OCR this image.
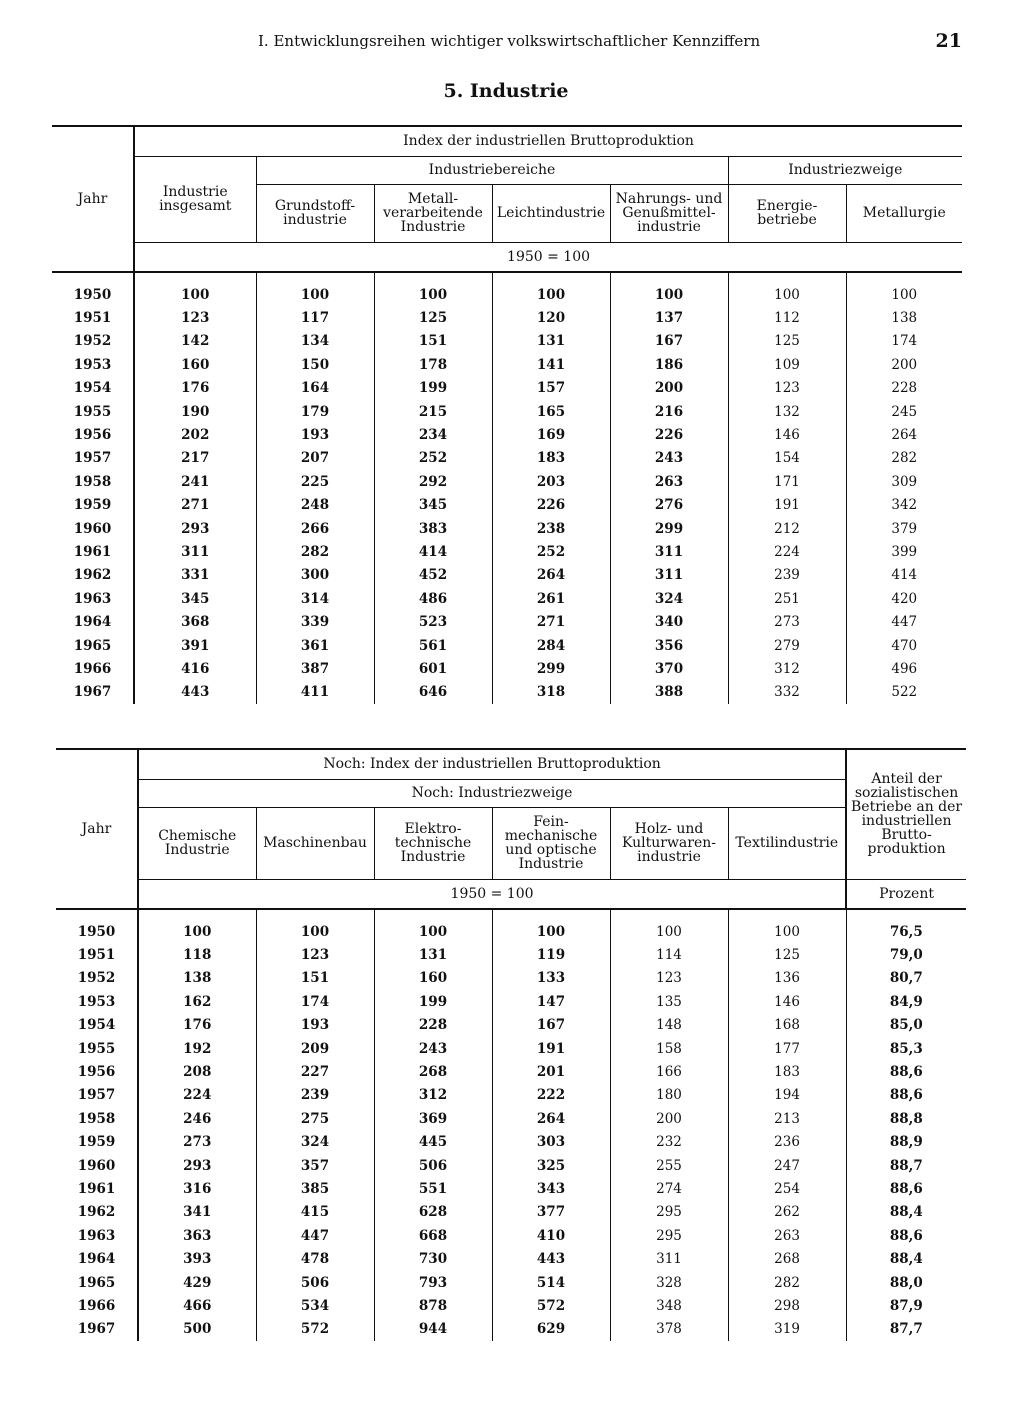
I. Entwicklungsreihen wichtiger volkswirtschaftlicher Kennziffern	21
5. Industrie
Jahr	Index der industriellen Bruttoproduktion						
	Industrie insgesamt	Industriebereiche				Industriezweige	
		Grundstoff-industrie	Metall-verarbeitende Industrie	Leichtindustrie	Nahrungs- und Genußmittel-industrie	Energie-betriebe	Metallurgie
	1950 = 100						
1950	100	100	100	100	100	100	100
1951	123	117	125	120	137	112	138
1952	142	134	151	131	167	125	174
1953	160	150	178	141	186	109	200
1954	176	164	199	157	200	123	228
1955	190	179	215	165	216	132	245
1956	202	193	234	169	226	146	264
1957	217	207	252	183	243	154	282
1958	241	225	292	203	263	171	309
1959	271	248	345	226	276	191	342
1960	293	266	383	238	299	212	379
1961	311	282	414	252	311	224	399
1962	331	300	452	264	311	239	414
1963	345	314	486	261	324	251	420
1964	368	339	523	271	340	273	447
1965	391	361	561	284	356	279	470
1966	416	387	601	299	370	312	496
1967	443	411	646	318	388	332	522
Jahr	Noch: Index der industriellen Bruttoproduktion						Anteil der sozialistischen Betriebe an der industriellen Brutto-produktion
	Noch: Industriezweige						
	Chemische Industrie	Maschinenbau	Elektro-technische Industrie	Fein-mechanische und optische Industrie	Holz- und Kulturwaren-industrie	Textilindustrie	
	1950 = 100						Prozent
1950	100	100	100	100	100	100	76,5
1951	118	123	131	119	114	125	79,0
1952	138	151	160	133	123	136	80,7
1953	162	174	199	147	135	146	84,9
1954	176	193	228	167	148	168	85,0
1955	192	209	243	191	158	177	85,3
1956	208	227	268	201	166	183	88,6
1957	224	239	312	222	180	194	88,6
1958	246	275	369	264	200	213	88,8
1959	273	324	445	303	232	236	88,9
1960	293	357	506	325	255	247	88,7
1961	316	385	551	343	274	254	88,6
1962	341	415	628	377	295	262	88,4
1963	363	447	668	410	295	263	88,6
1964	393	478	730	443	311	268	88,4
1965	429	506	793	514	328	282	88,0
1966	466	534	878	572	348	298	87,9
1967	500	572	944	629	378	319	87,7
